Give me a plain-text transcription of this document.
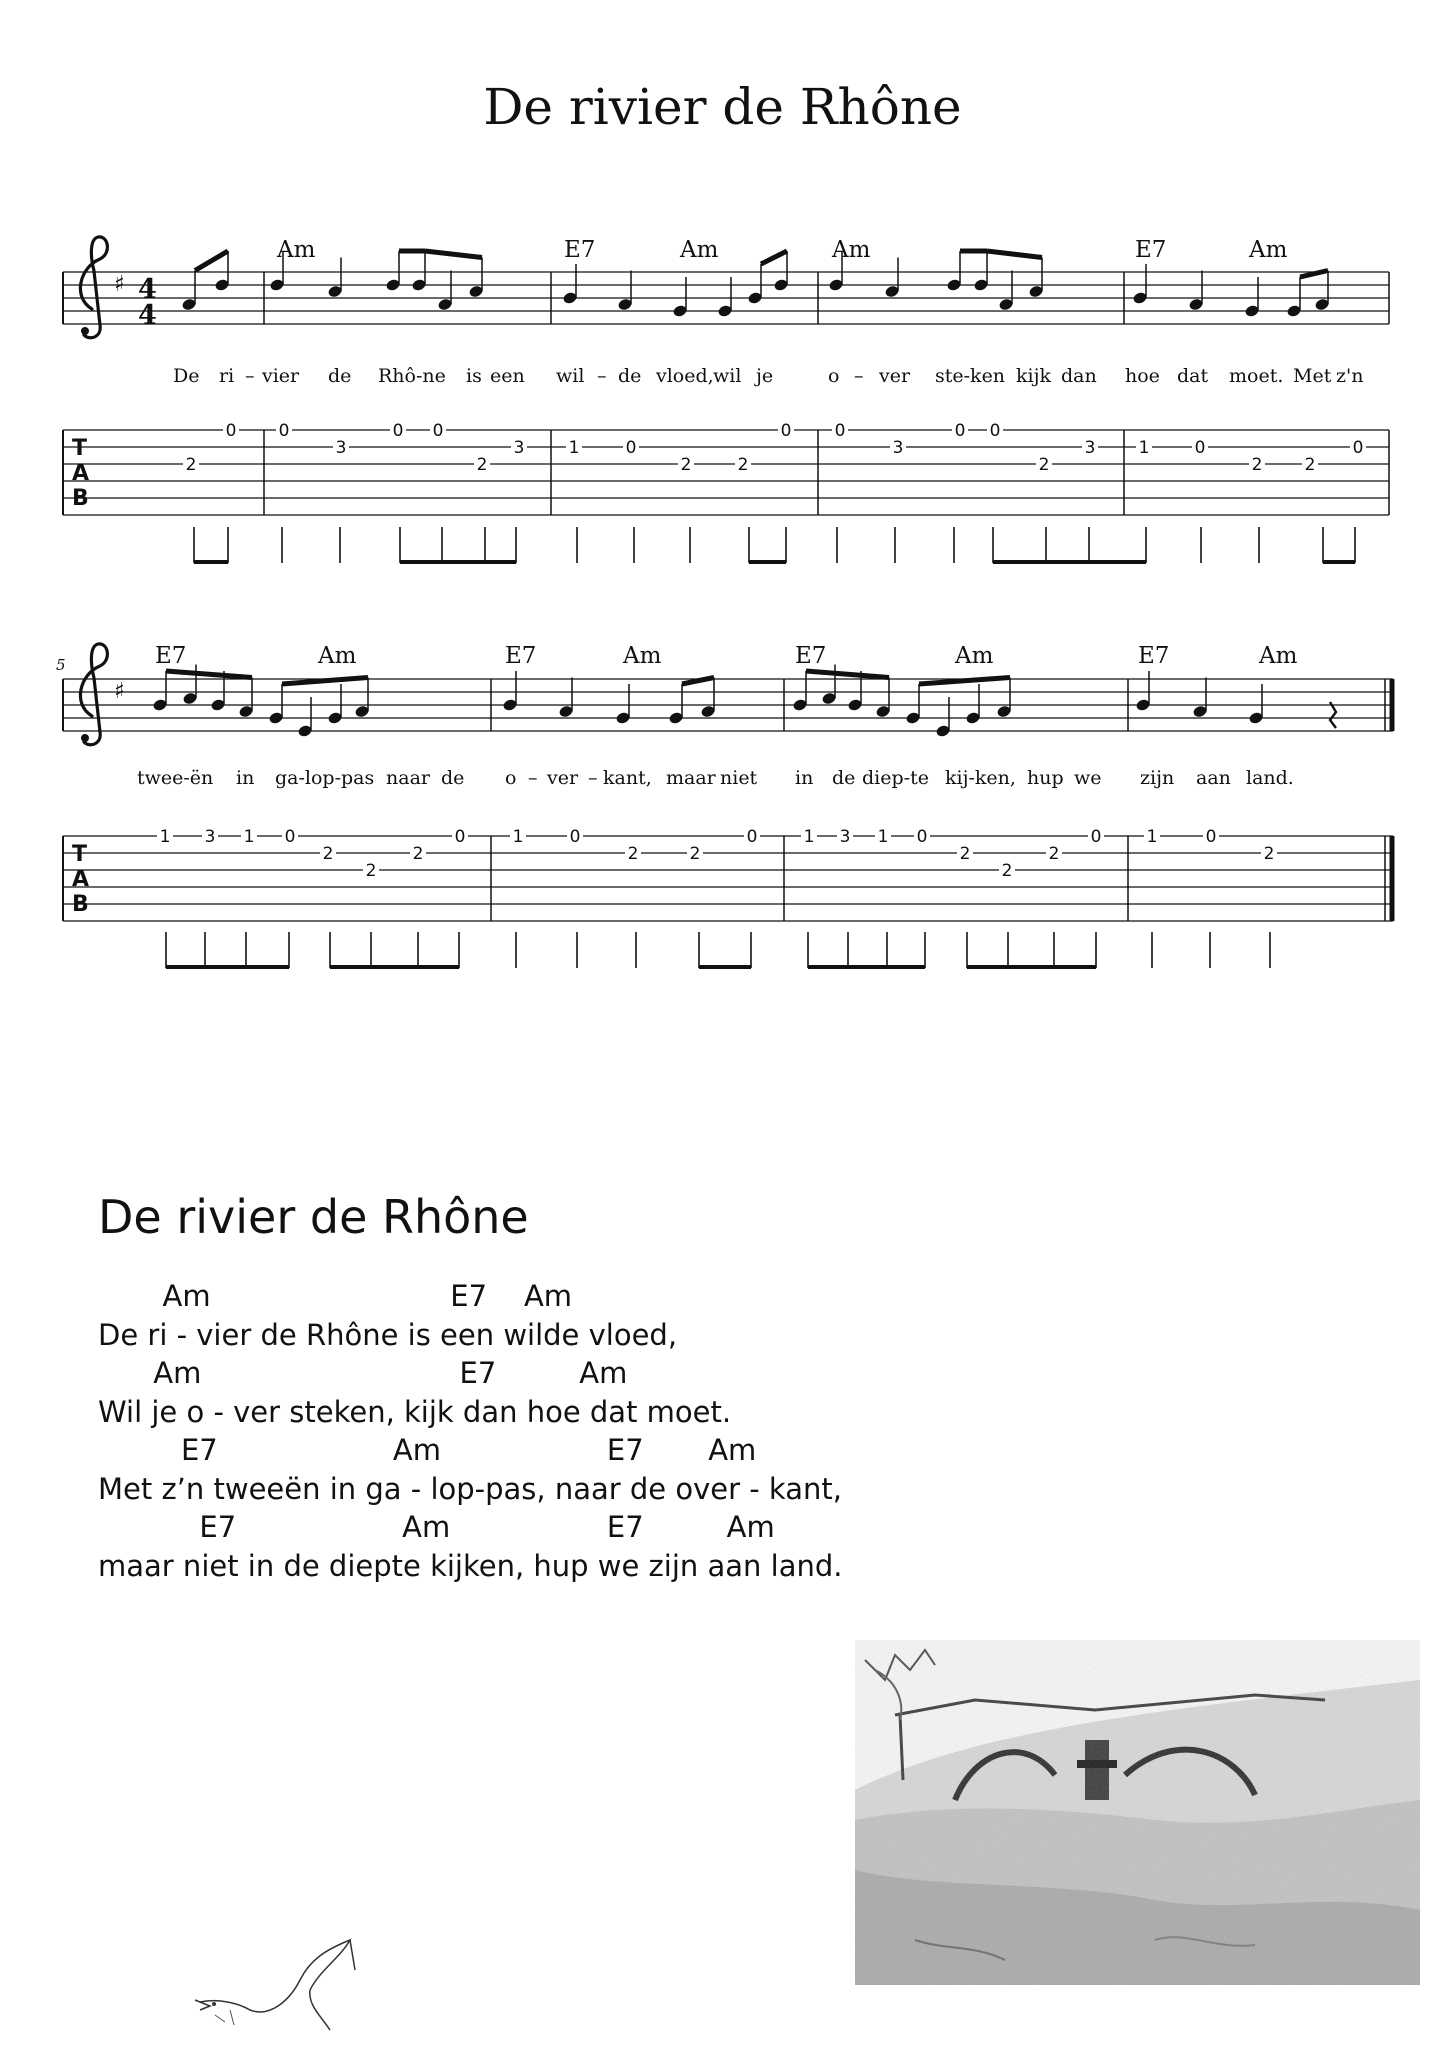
De rivier de Rhône
Am	E7	Am	Am	E7	Am
E7	Am	E7	Am	E7	Am	E7	Am
5
♯ 4
4
T
A
B
♯
T
A
B
0
2
0
3
0 0
2
3	1	0
2	2
0	0
3
0 0
2
3	1	0
2 2
0
1 3 1 0
2
2
2
0	1	0
2	2
0	1 3 1 0
2
2
2
0	1	0
2
De ri – vier de Rhô-ne is een wil – de vloed, wil je	o – ver ste-ken kijk dan hoe dat moet. Met z'n
twee-ën in ga-lop-pas naar de o – ver – kant, maar niet in de diep-te kij-ken, hup we zijn aan land.
De rivier de Rhône
Am                          E7    Am
De ri - vier de Rhône is een wilde vloed,
Am                            E7         Am
Wil je o - ver steken, kijk dan hoe dat moet.
E7                   Am                  E7       Am
Met z’n tweeën in ga - lop-pas, naar de over - kant,
E7                  Am                 E7         Am
maar niet in de diepte kijken, hup we zijn aan land.
